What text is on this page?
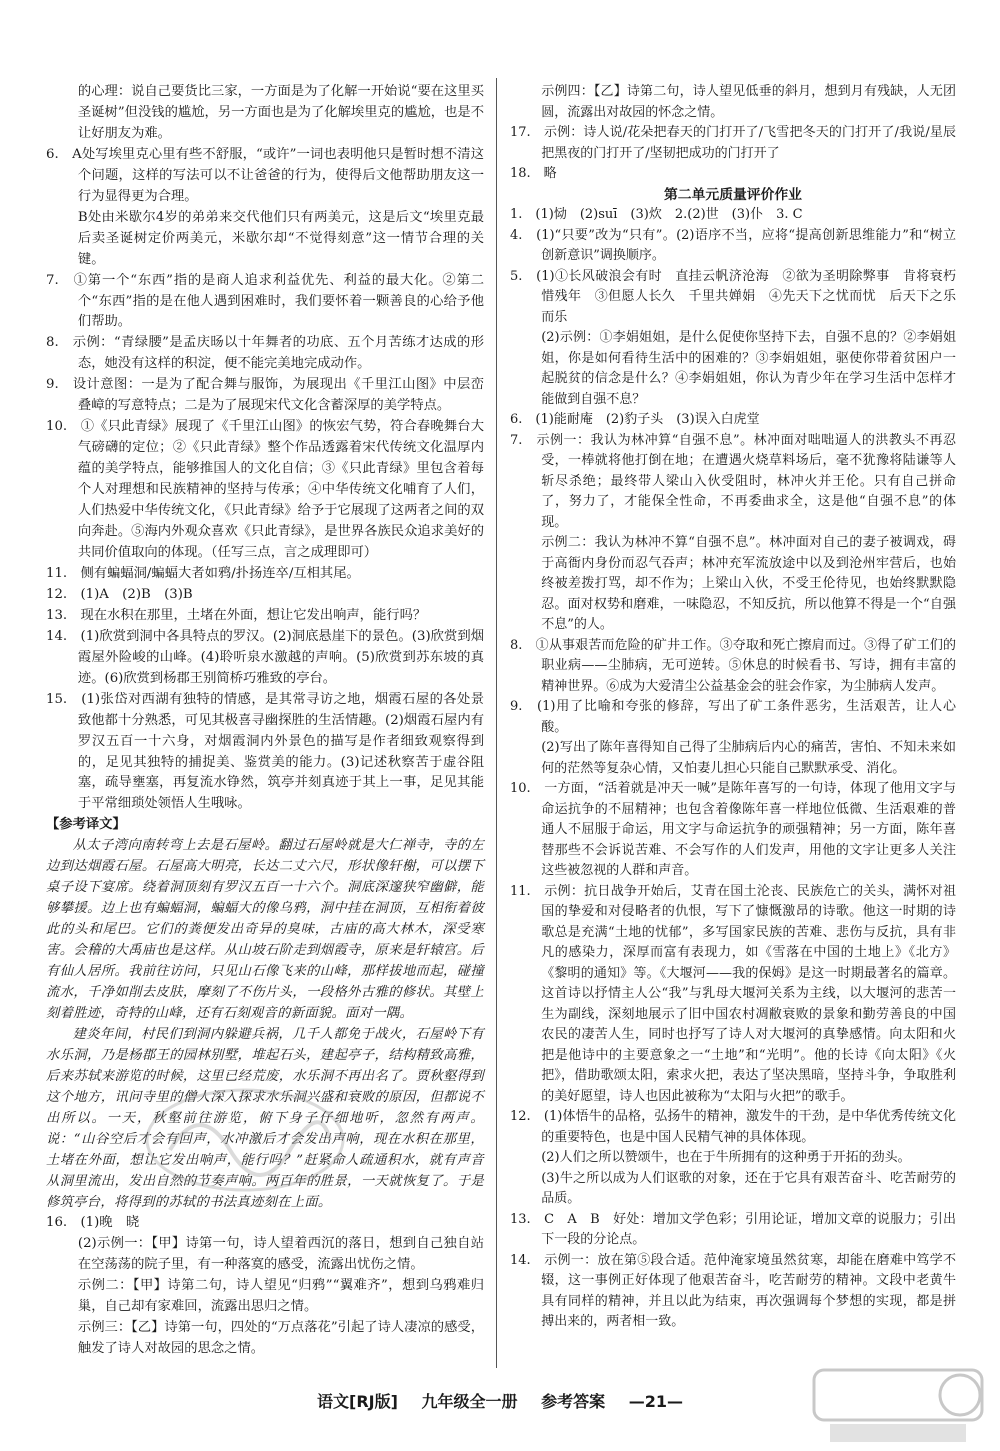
的心理：说自己要货比三家，一方面是为了化解一开始说“要在这里买圣诞树”但没钱的尴尬，另一方面也是为了化解埃里克的尴尬，也是不让好朋友为难。

6.　A处写埃里克心里有些不舒服，“或许”一词也表明他只是暂时想不清这个问题，这样的写法可以不让爸爸的行为，使得后文他帮助朋友这一行为显得更为合理。

B处由米歇尔4岁的弟弟来交代他们只有两美元，这是后文“埃里克最后卖圣诞树定价两美元，米歇尔却“不觉得刻意”这一情节合理的关键。

7.　①第一个“东西”指的是商人追求利益优先、利益的最大化。②第二个“东西”指的是在他人遇到困难时，我们要怀着一颗善良的心给予他们帮助。

8.　示例：“青绿腰”是孟庆旸以十年舞者的功底、五个月苦练才达成的形态，她没有这样的积淀，便不能完美地完成动作。

9.　设计意图：一是为了配合舞与服饰，为展现出《千里江山图》中层峦叠嶂的写意特点；二是为了展现宋代文化含蓄深厚的美学特点。

10.　①《只此青绿》展现了《千里江山图》的恢宏气势，符合春晚舞台大气磅礴的定位；②《只此青绿》整个作品透露着宋代传统文化温厚内蕴的美学特点，能够推国人的文化自信；③《只此青绿》里包含着每个人对理想和民族精神的坚持与传承；④中华传统文化哺育了人们，人们热爱中华传统文化，《只此青绿》给予于它展现了这两者之间的双向奔赴。⑤海内外观众喜欢《只此青绿》，是世界各族民众追求美好的共同价值取向的体现。（任写三点，言之成理即可）

11.　侧有蝙蝠洞/蝙蝠大者如鸦/扑扬连卒/互相其尾。

12.　(1)A　(2)B　(3)B

13.　现在水积在那里，土堵在外面，想让它发出响声，能行吗？

14.　(1)欣赏到洞中各具特点的罗汉。(2)洞底悬崖下的景色。(3)欣赏到烟霞屋外险峻的山峰。(4)聆听泉水激越的声响。(5)欣赏到苏东坡的真迹。(6)欣赏到杨郡王别简桥巧雅致的亭台。

15.　(1)张岱对西湖有独特的情感，是其常寻访之地，烟霞石屋的各处景致他都十分熟悉，可见其极喜寻幽探胜的生活情趣。(2)烟霞石屋内有罗汉五百一十六身，对烟霞洞内外景色的描写是作者细致观察得到的，足见其独特的捕捉美、鉴赏美的能力。(3)记述秋察苦于虚谷阻塞，疏导壅塞，再复流水铮然，筑亭并刻真迹于其上一事，足见其能于平常细琐处领悟人生哦咏。

【参考译文】

从太子湾向南转弯上去是石屋岭。翻过石屋岭就是大仁禅寺，寺的左边到达烟霞石屋。石屋高大明亮，长达二丈六尺，形状像轩榭，可以摆下桌子设下宴席。绕着洞顶刻有罗汉五百一十六个。洞底深邃狭窄幽僻，能够攀援。边上也有蝙蝠洞，蝙蝠大的像乌鸦，洞中挂在洞顶，互相衔着彼此的头和尾巴。它们的粪便发出奇异的臭味，古庙的高大林木，深受寒害。会稽的大禹庙也是这样。从山坡石阶走到烟霞寺，原来是轩辕宫。后有仙人居所。我前往访问，只见山石像飞来的山峰，那样拔地而起，碰撞流水，千净如削去皮肤，摩刻了不伤片头，一段格外古雅的修状。其壁上刻着胜迹，奇特的山峰，还有石刻观音的新面貌。面对一隅。

建炎年间，村民们到洞内躲避兵祸，几千人都免于战火，石屋岭下有水乐洞，乃是杨郡王的园林别墅，堆起石头，建起亭子，结构精致高雅，后来苏轼来游览的时候，这里已经荒废，水乐洞不再出名了。贾秋壑得到这个地方，讯问寺里的僧人深入探求水乐洞兴盛和衰败的原因，但都说不出所以。一天，秋壑前往游览，俯下身子仔细地听，忽然有两声。说：“山谷空后才会有回声，水冲激后才会发出声响，现在水积在那里，土堵在外面，想让它发出响声，能行吗？”赶紧命人疏通积水，就有声音从洞里流出，发出自然的节奏声响。两百年的胜景，一天就恢复了。于是修筑亭台，将得到的苏轼的书法真迹刻在上面。

16.　(1)晚　晓

(2)示例一：【甲】诗第一句，诗人望着西沉的落日，想到自己独自站在空荡荡的院子里，有一种落寞的感受，流露出忧伤之情。

示例二：【甲】诗第二句，诗人望见“归鸦”“翼难齐”，想到乌鸦难归巢，自己却有家难回，流露出思归之情。

示例三：【乙】诗第一句，四处的“万点落花”引起了诗人凄凉的感受，触发了诗人对故园的思念之情。

示例四：【乙】诗第二句，诗人望见低垂的斜月，想到月有残缺，人无团圆，流露出对故园的怀念之情。

17.　示例：诗人说/花朵把春天的门打开了/飞雪把冬天的门打开了/我说/星辰把黑夜的门打开了/坚韧把成功的门打开了

18.　略

第二单元质量评价作业

1.　(1)恸　(2)suī　(3)炊　2.(2)世　(3)仆　3. C

4.　(1)“只要”改为“只有”。(2)语序不当，应将“提高创新思维能力”和“树立创新意识”调换顺序。

5.　(1)①长风破浪会有时　直挂云帆济沧海　②欲为圣明除弊事　肯将衰朽惜残年　③但愿人长久　千里共婵娟　④先天下之忧而忧　后天下之乐而乐

(2)示例：①李娟姐姐，是什么促使你坚持下去，自强不息的？②李娟姐姐，你是如何看待生活中的困难的？③李娟姐姐，驱使你带着贫困户一起脱贫的信念是什么？④李娟姐姐，你认为青少年在学习生活中怎样才能做到自强不息？

6.　(1)能耐庵　(2)豹子头　(3)误入白虎堂

7.　示例一：我认为林冲算“自强不息”。林冲面对咄咄逼人的洪教头不再忍受，一棒就将他打倒在地；在遭遇火烧草料场后，毫不犹豫将陆谦等人斩尽杀绝；最终带人梁山入伙受阻时，林冲火并王伦。只有自己拼命了，努力了，才能保全性命，不再委曲求全，这是他“自强不息”的体现。

示例二：我认为林冲不算“自强不息”。林冲面对自己的妻子被调戏，碍于高衙内身份而忍气吞声；林冲充军流放途中以及到沧州牢营后，也始终被差拨打骂，却不作为；上梁山入伙，不受王伦待见，也始终默默隐忍。面对权势和磨难，一味隐忍，不知反抗，所以他算不得是一个“自强不息”的人。

8.　①从事艰苦而危险的矿井工作。③夺取和死亡擦肩而过。③得了矿工们的职业病——尘肺病，无可逆转。⑤休息的时候看书、写诗，拥有丰富的精神世界。⑥成为大爱清尘公益基金会的驻会作家，为尘肺病人发声。

9.　(1)用了比喻和夸张的修辞，写出了矿工条件恶劣，生活艰苦，让人心酸。

(2)写出了陈年喜得知自己得了尘肺病后内心的痛苦，害怕、不知未来如何的茫然等复杂心情，又怕妻儿担心只能自己默默承受、消化。

10.　一方面，“活着就是冲天一喊”是陈年喜写的一句诗，体现了他用文字与命运抗争的不屈精神；也包含着像陈年喜一样地位低微、生活艰难的普通人不屈服于命运，用文字与命运抗争的顽强精神；另一方面，陈年喜替那些不会诉说苦难、不会写作的人们发声，用他的文字让更多人关注这些被忽视的人群和声音。

11.　示例：抗日战争开始后，艾青在国土沦丧、民族危亡的关头，满怀对祖国的挚爱和对侵略者的仇恨，写下了慷慨激昂的诗歌。他这一时期的诗歌总是充满“土地的忧郁”，多写国家民族的苦难、悲伤与反抗，具有非凡的感染力，深厚而富有表现力，如《雪落在中国的土地上》《北方》《黎明的通知》等。《大堰河——我的保姆》是这一时期最著名的篇章。这首诗以抒情主人公“我”与乳母大堰河关系为主线，以大堰河的悲苦一生为副线，深刻地展示了旧中国农村凋敝衰败的景象和勤劳善良的中国农民的凄苦人生，同时也抒写了诗人对大堰河的真挚感情。向太阳和火把是他诗中的主要意象之一“土地”和“光明”。他的长诗《向太阳》《火把》，借助歌颂太阳，索求火把，表达了坚决黑暗，坚持斗争，争取胜利的美好愿望，诗人也因此被称为“太阳与火把”的歌手。

12.　(1)体悟牛的品格，弘扬牛的精神，激发牛的干劲，是中华优秀传统文化的重要特色，也是中国人民精气神的具体体现。

(2)人们之所以赞颂牛，也在于牛所拥有的这种勇于开拓的劲头。

(3)牛之所以成为人们讴歌的对象，还在于它具有艰苦奋斗、吃苦耐劳的品质。

13.　C　A　B　好处：增加文学色彩；引用论证，增加文章的说服力；引出下一段的分论点。

14.　示例一：放在第⑤段合适。范仲淹家境虽然贫寒，却能在磨难中笃学不辍，这一事例正好体现了他艰苦奋斗，吃苦耐劳的精神。文段中老黄牛具有同样的精神，并且以此为结束，再次强调每个梦想的实现，都是拼搏出来的，两者相一致。

语文[RJ版] 九年级全一册 参考答案 —21—
